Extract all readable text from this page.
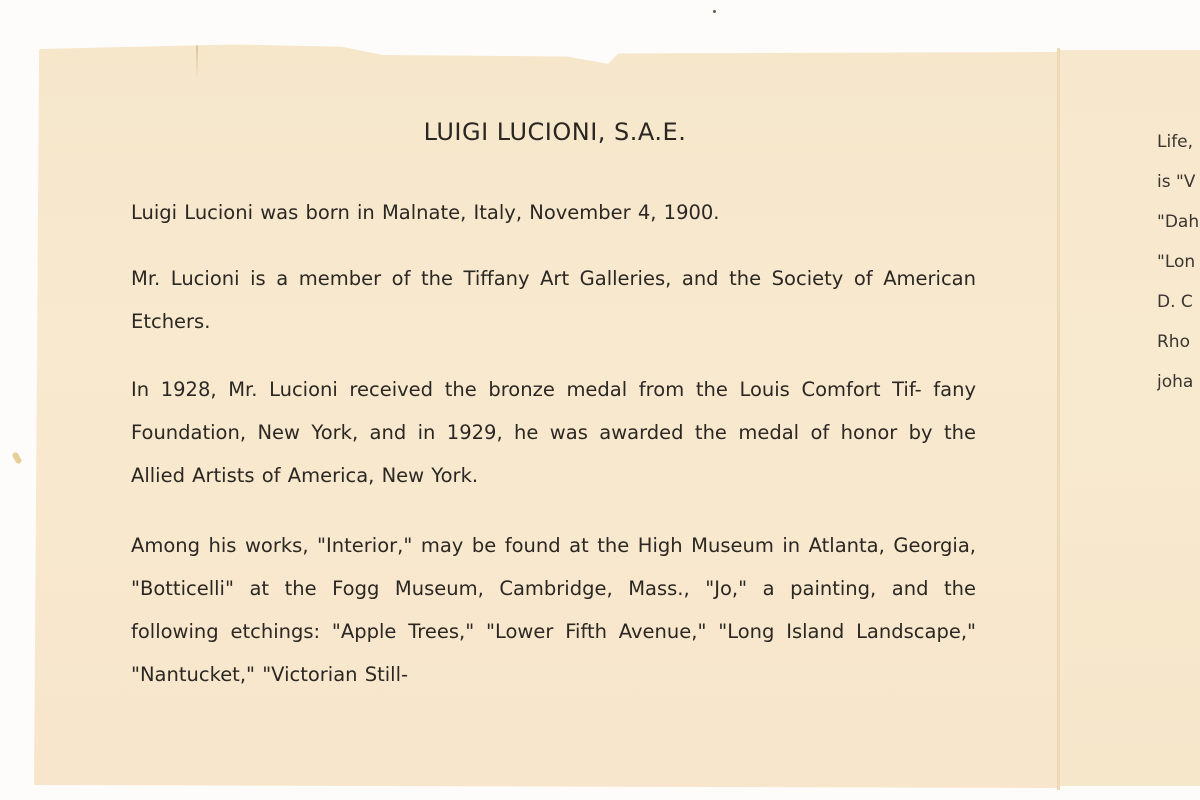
LUIGI LUCIONI, S.A.E.

Luigi Lucioni was born in Malnate, Italy, November 4, 1900.

Mr. Lucioni is a member of the Tiffany Art Galleries, and the Society of American Etchers.

In 1928, Mr. Lucioni received the bronze medal from the Louis Comfort Tif- fany Foundation, New York, and in 1929, he was awarded the medal of honor by the Allied Artists of America, New York.

Among his works, "Interior," may be found at the High Museum in Atlanta, Georgia, "Botticelli" at the Fogg Museum, Cambridge, Mass., "Jo," a painting, and the following etchings: "Apple Trees," "Lower Fifth Avenue," "Long Island Landscape," "Nantucket," "Victorian Still-

Life,
is "V
"Dah
"Lon
D. C
Rho
joha
